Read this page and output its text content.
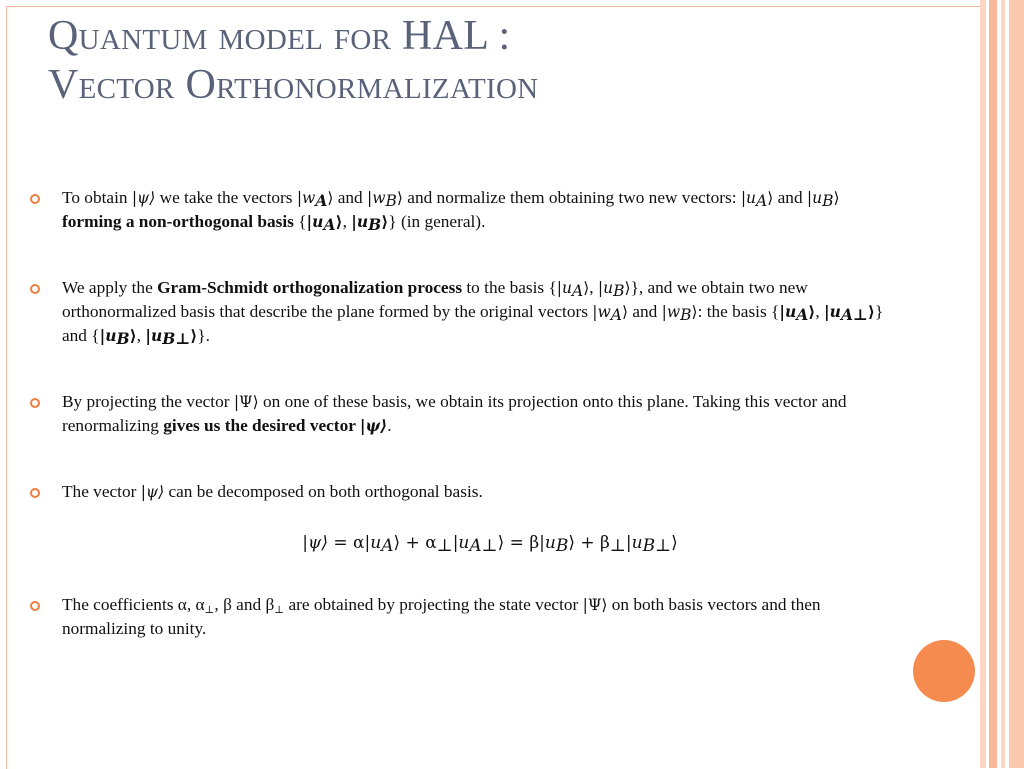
Quantum model for HAL :
Vector Orthonormalization
To obtain |ψ⟩ we take the vectors $|w_A⟩$ and $|w_B⟩$ and normalize them obtaining two new vectors: $|u_A⟩$ and $|u_B⟩$ forming a non-orthogonal basis {$|u_A⟩$, $|u_B⟩$} (in general).
We apply the Gram-Schmidt orthogonalization process to the basis {$|u_A⟩$, $|u_B⟩$}, and we obtain two new orthonormalized basis that describe the plane formed by the original vectors $|w_A⟩$ and $|w_B⟩$: the basis {$|u_A⟩$, $|u_{A\perp}⟩$} and {$|u_B⟩$, $|u_{B\perp}⟩$}.
By projecting the vector |Ψ⟩ on one of these basis, we obtain its projection onto this plane. Taking this vector and renormalizing gives us the desired vector |ψ⟩.
The vector |ψ⟩ can be decomposed on both orthogonal basis.
|ψ⟩ = $\alpha|u_A⟩$ + $\alpha_\perp|u_{A\perp}⟩$ = $\beta|u_B⟩$ + $\beta_\perp|u_{B\perp}⟩$
The coefficients α, $\alpha_\perp$, β and $\beta_\perp$ are obtained by projecting the state vector |Ψ⟩ on both basis vectors and then normalizing to unity.
